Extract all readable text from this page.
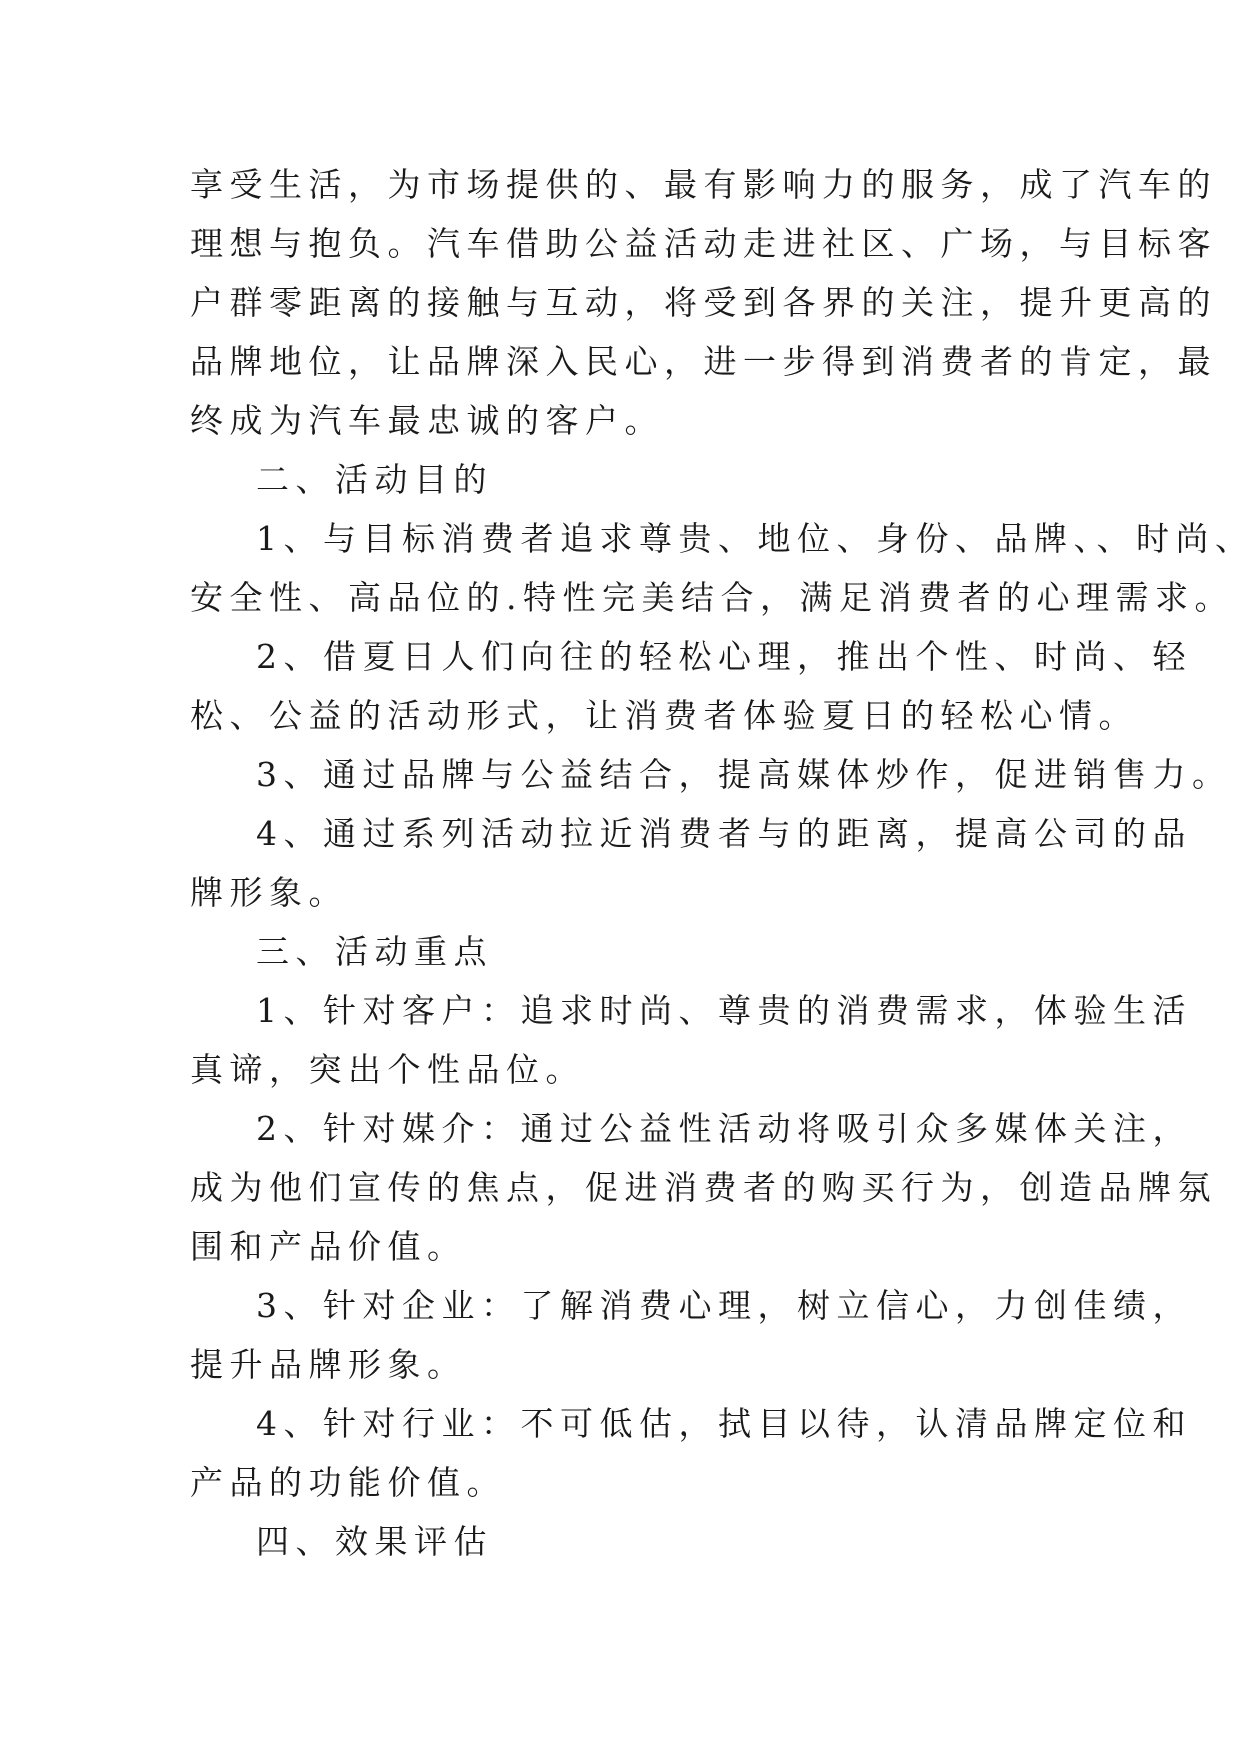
享受生活，为市场提供的、最有影响力的服务，成了汽车的
理想与抱负。汽车借助公益活动走进社区、广场，与目标客
户群零距离的接触与互动，将受到各界的关注，提升更高的
品牌地位，让品牌深入民心，进一步得到消费者的肯定，最
终成为汽车最忠诚的客户。
二、活动目的
1、与目标消费者追求尊贵、地位、身份、品牌、、时尚、
安全性、高品位的.特性完美结合，满足消费者的心理需求。
2、借夏日人们向往的轻松心理，推出个性、时尚、轻
松、公益的活动形式，让消费者体验夏日的轻松心情。
3、通过品牌与公益结合，提高媒体炒作，促进销售力。
4、通过系列活动拉近消费者与的距离，提高公司的品
牌形象。
三、活动重点
1、针对客户：追求时尚、尊贵的消费需求，体验生活
真谛，突出个性品位。
2、针对媒介：通过公益性活动将吸引众多媒体关注，
成为他们宣传的焦点，促进消费者的购买行为，创造品牌氛
围和产品价值。
3、针对企业：了解消费心理，树立信心，力创佳绩，
提升品牌形象。
4、针对行业：不可低估，拭目以待，认清品牌定位和
产品的功能价值。
四、效果评估
